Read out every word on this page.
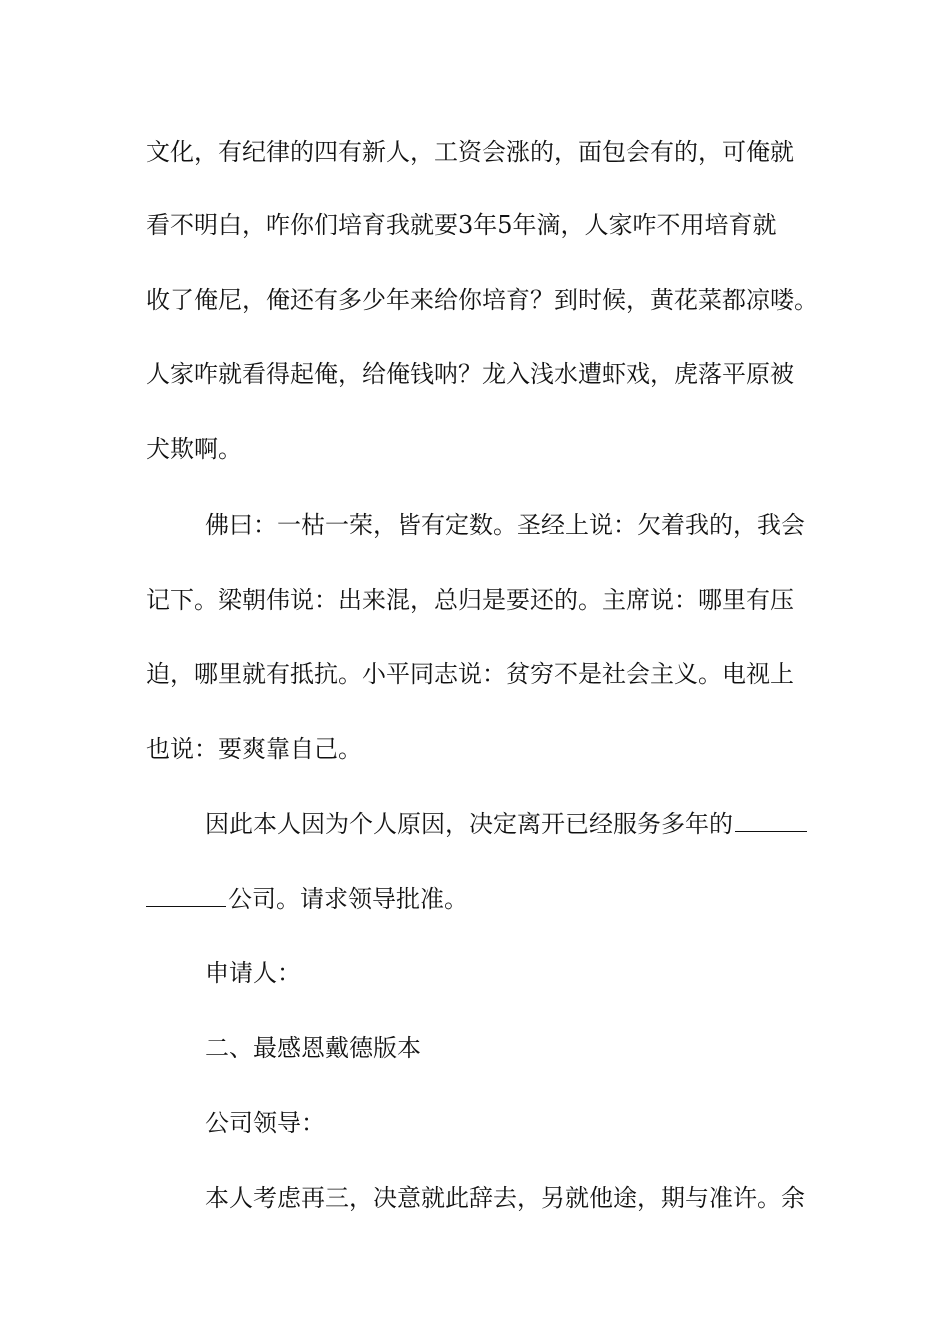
文化，有纪律的四有新人，工资会涨的，面包会有的，可俺就
看不明白，咋你们培育我就要3年5年滴，人家咋不用培育就
收了俺尼，俺还有多少年来给你培育？到时候，黄花菜都凉喽。
人家咋就看得起俺，给俺钱呐？龙入浅水遭虾戏，虎落平原被
犬欺啊。
佛曰：一枯一荣，皆有定数。圣经上说：欠着我的，我会
记下。梁朝伟说：出来混，总归是要还的。主席说：哪里有压
迫，哪里就有抵抗。小平同志说：贫穷不是社会主义。电视上
也说：要爽靠自己。
因此本人因为个人原因，决定离开已经服务多年的
公司。请求领导批准。
申请人：
二、最感恩戴德版本
公司领导：
本人考虑再三，决意就此辞去，另就他途，期与准许。余
